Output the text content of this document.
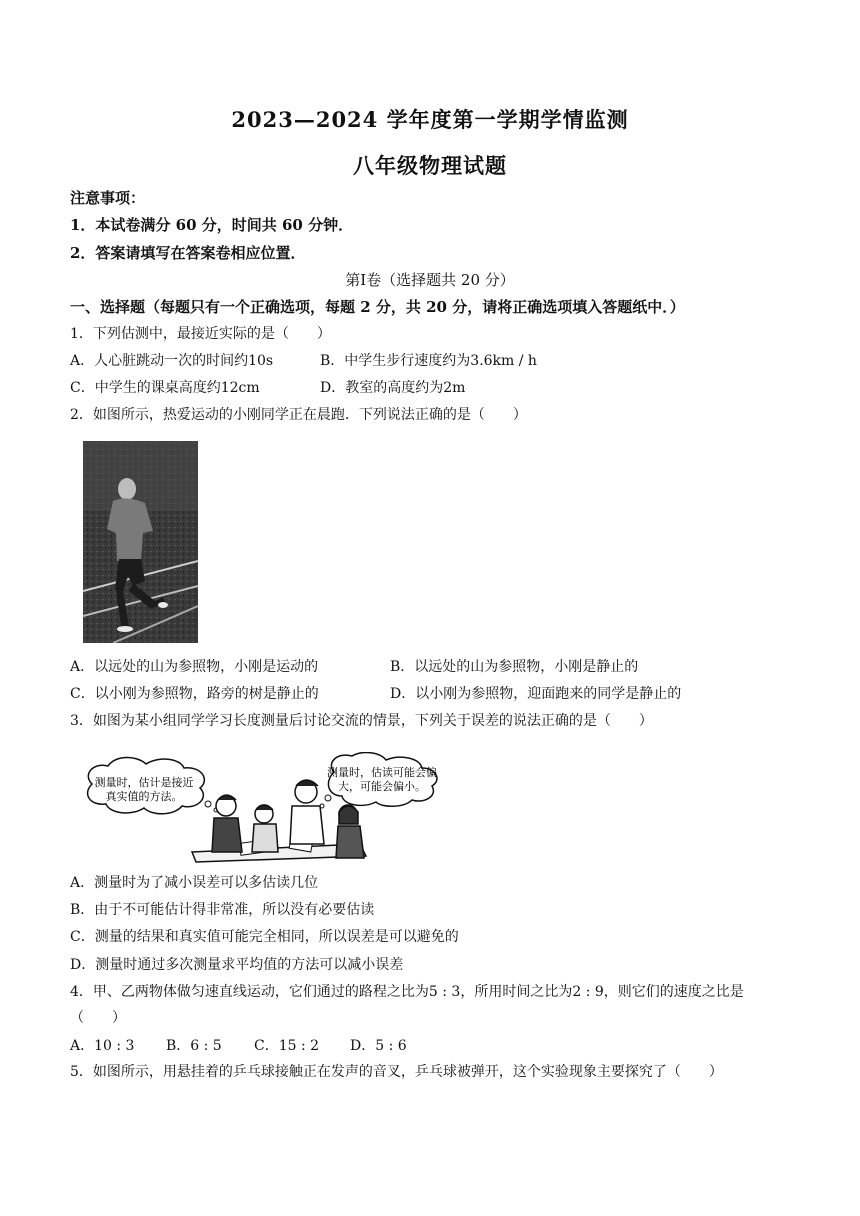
2023—2024 学年度第一学期学情监测
八年级物理试题
注意事项：
1．本试卷满分 60 分，时间共 60 分钟．
2．答案请填写在答案卷相应位置．
第Ⅰ卷（选择题共 20 分）
一、选择题（每题只有一个正确选项，每题 2 分，共 20 分，请将正确选项填入答题纸中．）
1．下列估测中，最接近实际的是（　　）
A．人心脏跳动一次的时间约10s	B．中学生步行速度约为3.6km / h
C．中学生的课桌高度约12cm	D．教室的高度约为2m
2．如图所示，热爱运动的小刚同学正在晨跑．下列说法正确的是（　　）
A．以远处的山为参照物，小刚是运动的	B．以远处的山为参照物，小刚是静止的
C．以小刚为参照物，路旁的树是静止的	D．以小刚为参照物，迎面跑来的同学是静止的
3．如图为某小组同学学习长度测量后讨论交流的情景，下列关于误差的说法正确的是（　　）
测量时，估计是接近
真实值的方法。
测量时，估读可能会偏
大，可能会偏小。
A．测量时为了减小误差可以多估读几位
B．由于不可能估计得非常准，所以没有必要估读
C．测量的结果和真实值可能完全相同，所以误差是可以避免的
D．测量时通过多次测量求平均值的方法可以减小误差
4．甲、乙两物体做匀速直线运动，它们通过的路程之比为5 : 3，所用时间之比为2 : 9，则它们的速度之比是
（　　）
A．10 : 3 B．6 : 5 C．15 : 2 D．5 : 6
5．如图所示，用悬挂着的乒乓球接触正在发声的音叉，乒乓球被弹开，这个实验现象主要探究了（　　）
